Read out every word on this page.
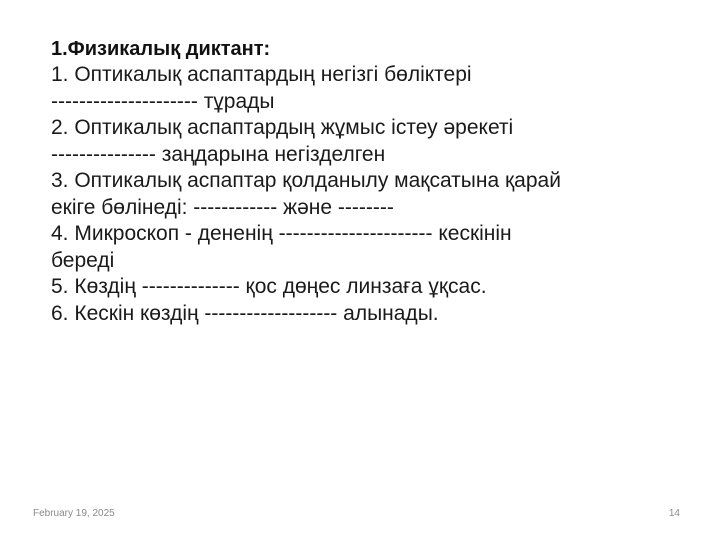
1.Физикалық диктант:

1. Оптикалық аспаптардың негізгі бөліктері

--------------------- тұрады

2. Оптикалық аспаптардың жұмыс істеу әрекеті

--------------- заңдарына негізделген

3. Оптикалық аспаптар қолданылу мақсатына қарай

екіге бөлінеді: ------------ және --------

4. Микроскоп - дененің ---------------------- кескінін

береді

5. Көздің -------------- қос дөңес линзаға ұқсас.

6. Кескін көздің ------------------- алынады.

February 19, 2025	14
